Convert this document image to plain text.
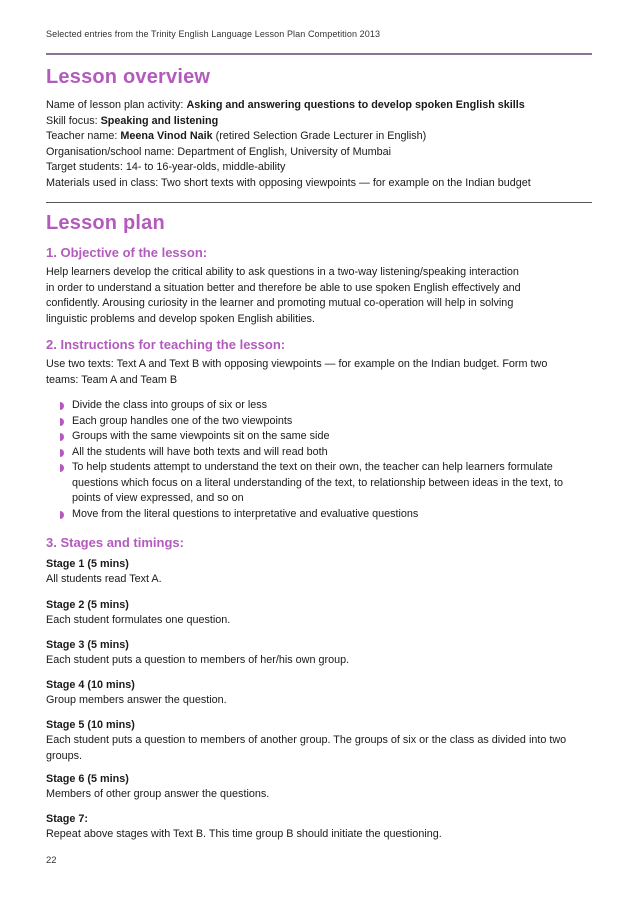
Selected entries from the Trinity English Language Lesson Plan Competition 2013
Lesson overview
Name of lesson plan activity: Asking and answering questions to develop spoken English skills
Skill focus: Speaking and listening
Teacher name: Meena Vinod Naik (retired Selection Grade Lecturer in English)
Organisation/school name: Department of English, University of Mumbai
Target students: 14- to 16-year-olds, middle-ability
Materials used in class: Two short texts with opposing viewpoints — for example on the Indian budget
Lesson plan
1. Objective of the lesson:
Help learners develop the critical ability to ask questions in a two-way listening/speaking interaction
in order to understand a situation better and therefore be able to use spoken English effectively and
confidently. Arousing curiosity in the learner and promoting mutual co-operation will help in solving
linguistic problems and develop spoken English abilities.
2. Instructions for teaching the lesson:
Use two texts: Text A and Text B with opposing viewpoints — for example on the Indian budget. Form two
teams: Team A and Team B
Divide the class into groups of six or less
Each group handles one of the two viewpoints
Groups with the same viewpoints sit on the same side
All the students will have both texts and will read both
To help students attempt to understand the text on their own, the teacher can help learners formulate questions which focus on a literal understanding of the text, to relationship between ideas in the text, to points of view expressed, and so on
Move from the literal questions to interpretative and evaluative questions
3. Stages and timings:
Stage 1 (5 mins)
All students read Text A.
Stage 2 (5 mins)
Each student formulates one question.
Stage 3 (5 mins)
Each student puts a question to members of her/his own group.
Stage 4 (10 mins)
Group members answer the question.
Stage 5 (10 mins)
Each student puts a question to members of another group. The groups of six or the class as divided into two groups.
Stage 6 (5 mins)
Members of other group answer the questions.
Stage 7:
Repeat above stages with Text B. This time group B should initiate the questioning.
22
